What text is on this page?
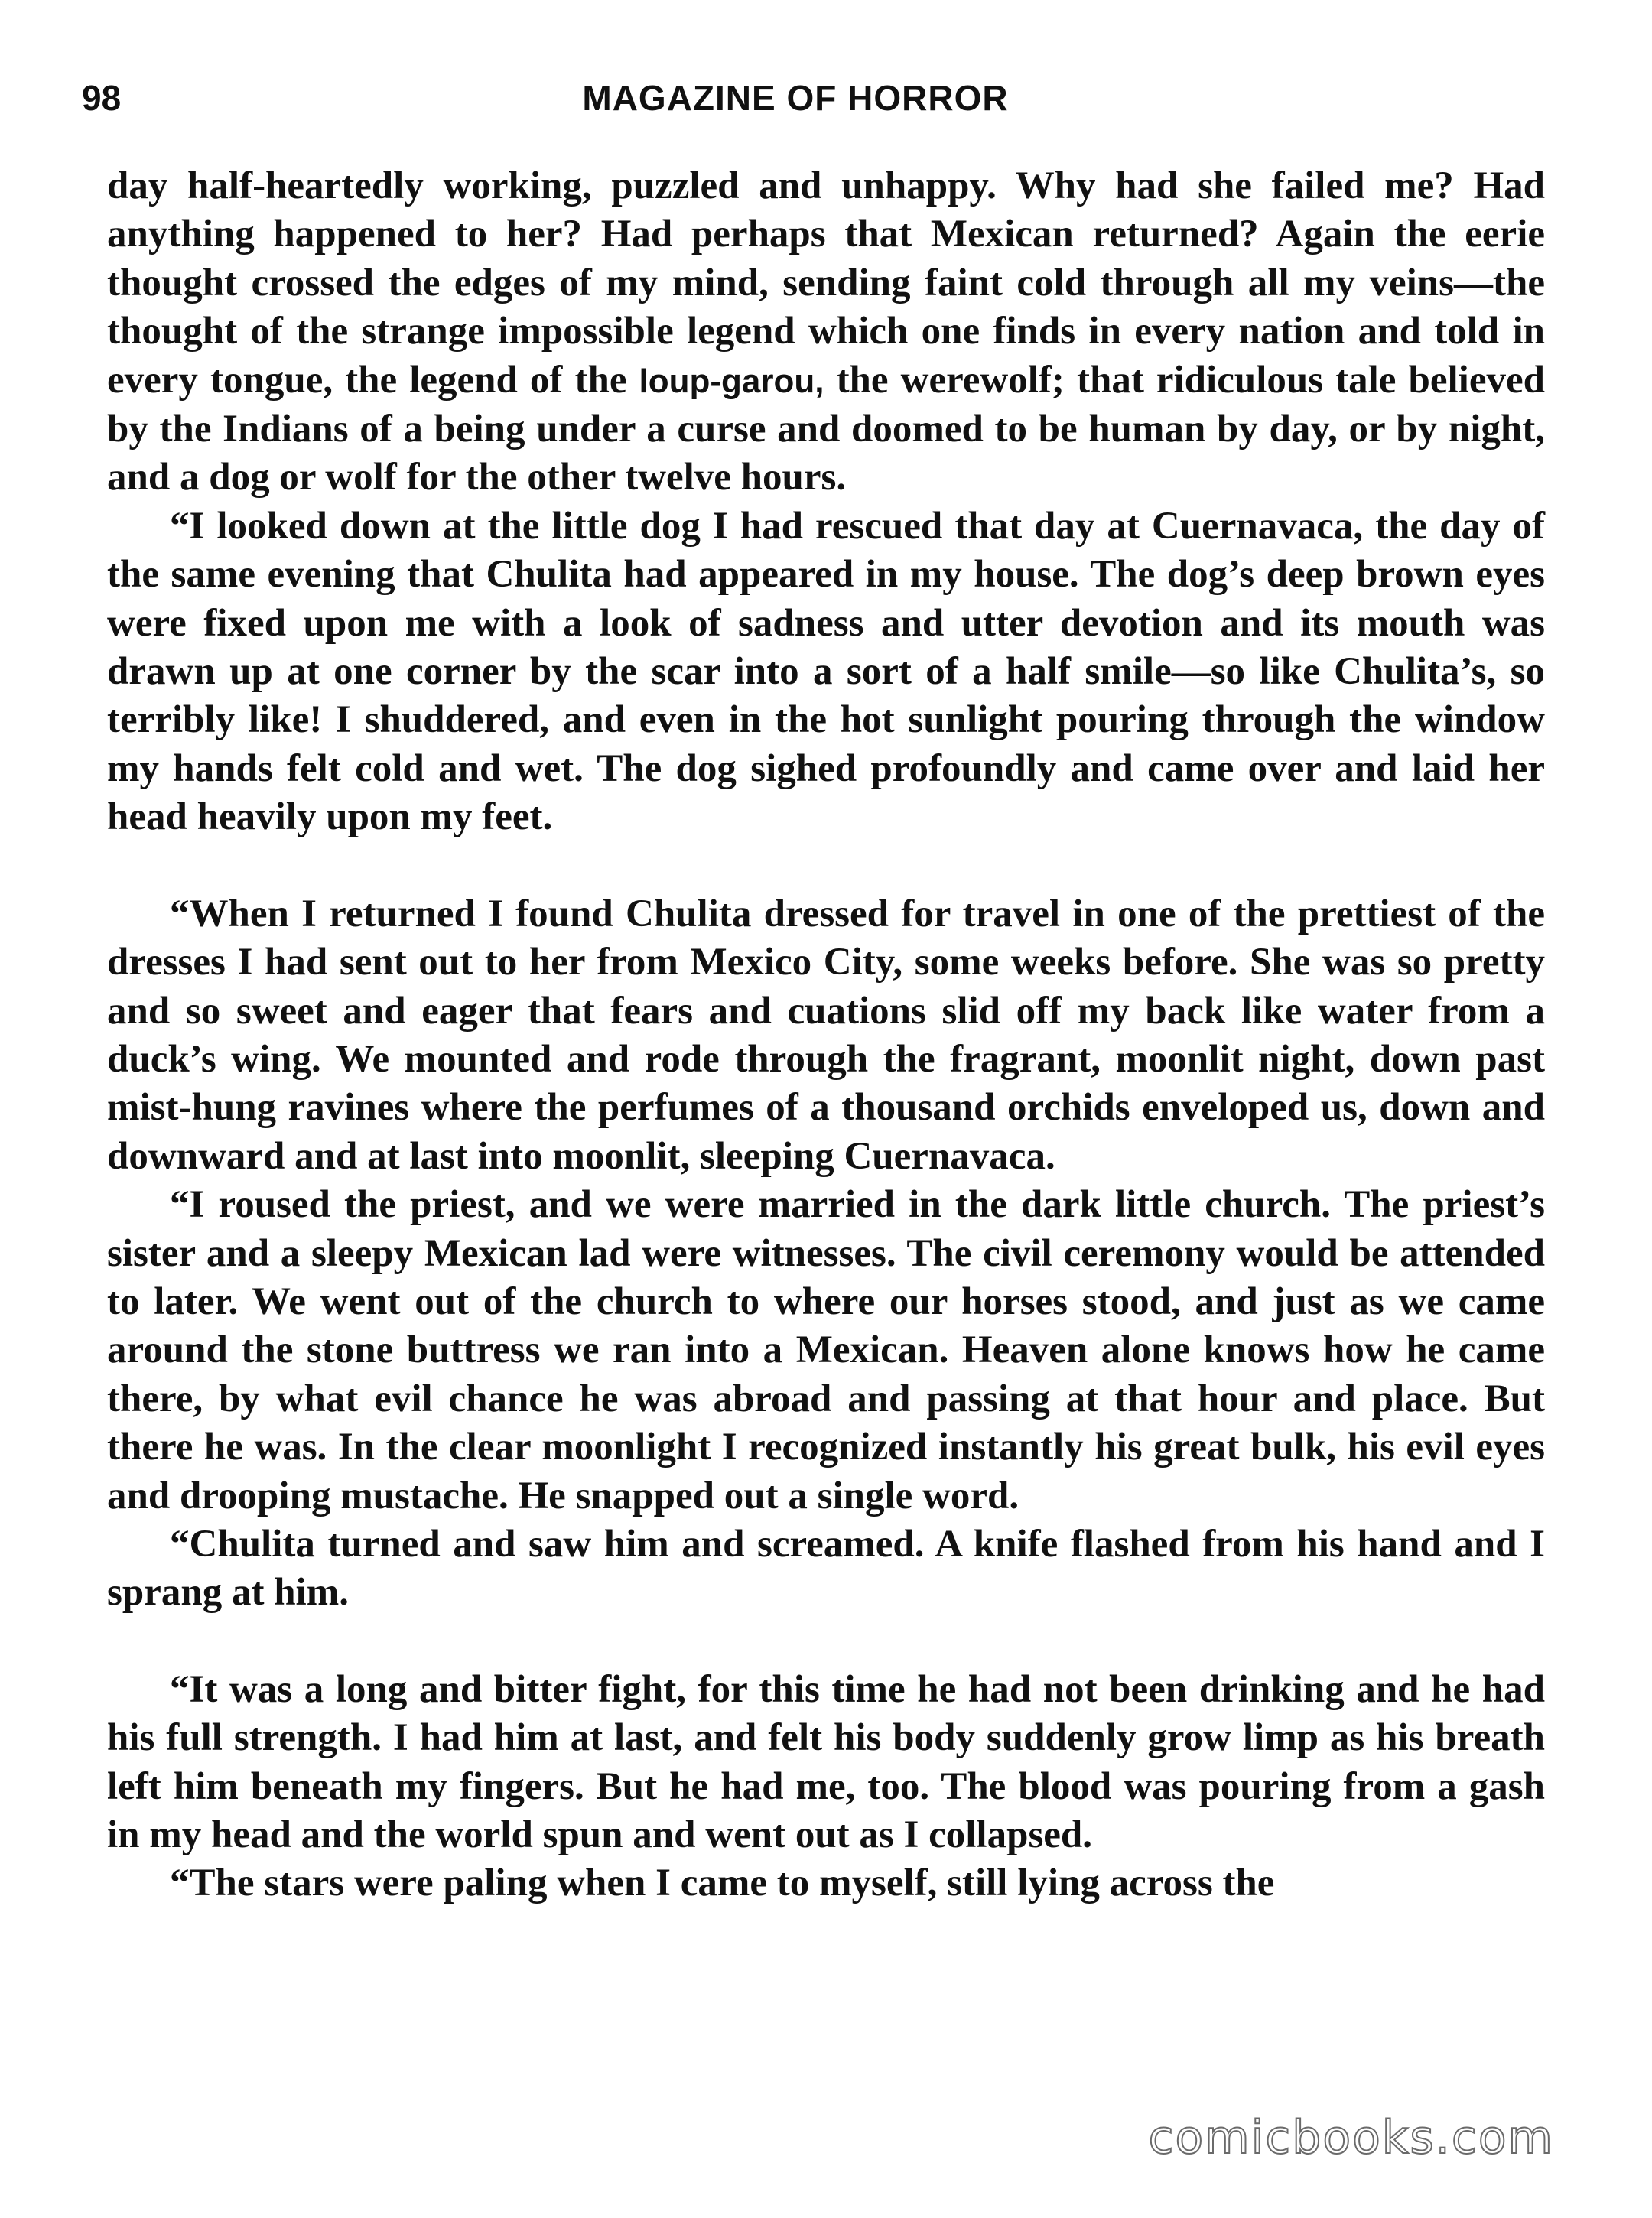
98	MAGAZINE OF HORROR

day half-heartedly working, puzzled and unhappy. Why had she failed me? Had anything happened to her? Had perhaps that Mexican returned? Again the eerie thought crossed the edges of my mind, sending faint cold through all my veins—the thought of the strange impossible legend which one finds in every nation and told in every tongue, the legend of the loup-garou, the werewolf; that ridiculous tale believed by the Indians of a being under a curse and doomed to be human by day, or by night, and a dog or wolf for the other twelve hours.

“I looked down at the little dog I had rescued that day at Cuernavaca, the day of the same evening that Chulita had appeared in my house. The dog’s deep brown eyes were fixed upon me with a look of sadness and utter devotion and its mouth was drawn up at one corner by the scar into a sort of a half smile—so like Chulita’s, so terribly like! I shuddered, and even in the hot sunlight pouring through the window my hands felt cold and wet. The dog sighed profoundly and came over and laid her head heavily upon my feet.

“When I returned I found Chulita dressed for travel in one of the prettiest of the dresses I had sent out to her from Mexico City, some weeks before. She was so pretty and so sweet and eager that fears and cuations slid off my back like water from a duck’s wing. We mounted and rode through the fragrant, moonlit night, down past mist-hung ravines where the perfumes of a thousand orchids enveloped us, down and downward and at last into moonlit, sleeping Cuernavaca.

“I roused the priest, and we were married in the dark little church. The priest’s sister and a sleepy Mexican lad were witnesses. The civil ceremony would be attended to later. We went out of the church to where our horses stood, and just as we came around the stone buttress we ran into a Mexican. Heaven alone knows how he came there, by what evil chance he was abroad and passing at that hour and place. But there he was. In the clear moonlight I recognized instantly his great bulk, his evil eyes and drooping mustache. He snapped out a single word.

“Chulita turned and saw him and screamed. A knife flashed from his hand and I sprang at him.

“It was a long and bitter fight, for this time he had not been drinking and he had his full strength. I had him at last, and felt his body suddenly grow limp as his breath left him beneath my fingers. But he had me, too. The blood was pouring from a gash in my head and the world spun and went out as I collapsed.

“The stars were paling when I came to myself, still lying across the

comicbooks.com
